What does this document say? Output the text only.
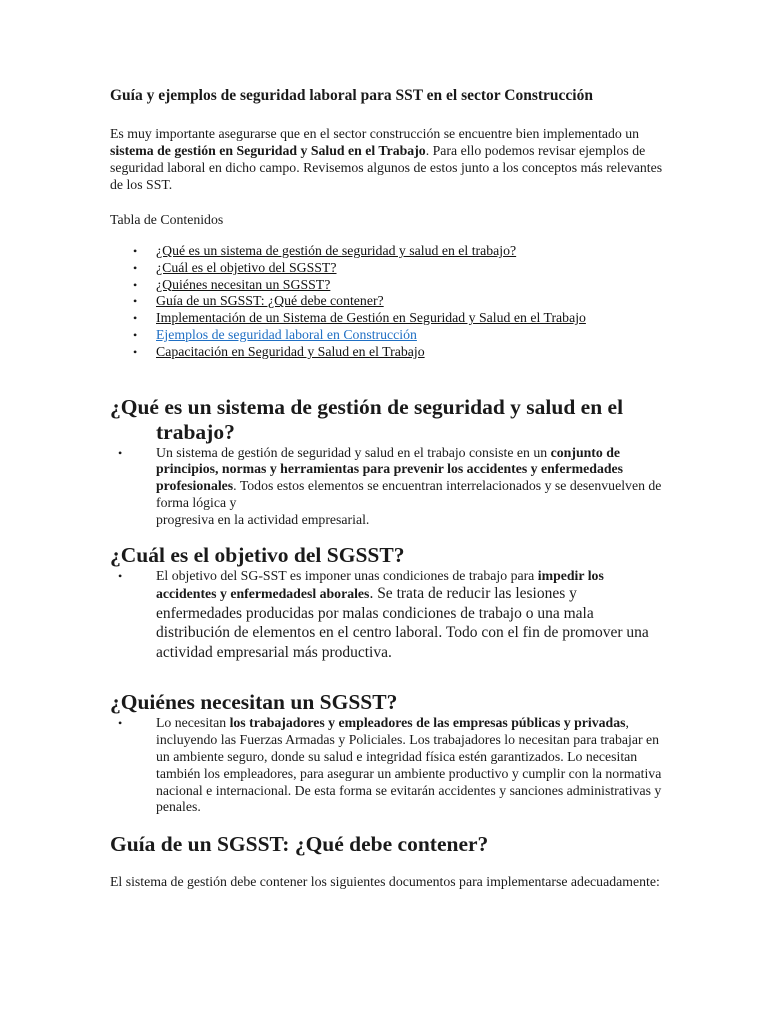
Guía y ejemplos de seguridad laboral para SST en el sector Construcción

Es muy importante asegurarse que en el sector construcción se encuentre bien implementado un sistema de gestión en Seguridad y Salud en el Trabajo. Para ello podemos revisar ejemplos de seguridad laboral en dicho campo. Revisemos algunos de estos junto a los conceptos más relevantes de los SST.

Tabla de Contenidos
• ¿Qué es un sistema de gestión de seguridad y salud en el trabajo?
• ¿Cuál es el objetivo del SGSST?
• ¿Quiénes necesitan un SGSST?
• Guía de un SGSST: ¿Qué debe contener?
• Implementación de un Sistema de Gestión en Seguridad y Salud en el Trabajo
• Ejemplos de seguridad laboral en Construcción
• Capacitación en Seguridad y Salud en el Trabajo
¿Qué es un sistema de gestión de seguridad y salud en el trabajo?
• Un sistema de gestión de seguridad y salud en el trabajo consiste en un conjunto de principios, normas y herramientas para prevenir los accidentes y enfermedades profesionales. Todos estos elementos se encuentran interrelacionados y se desenvuelven de forma lógica y
progresiva en la actividad empresarial.
¿Cuál es el objetivo del SGSST?
• El objetivo del SG-SST es imponer unas condiciones de trabajo para impedir los accidentes y enfermedadesl aborales. Se trata de reducir las lesiones y enfermedades producidas por malas condiciones de trabajo o una mala distribución de elementos en el centro laboral. Todo con el fin de promover una actividad empresarial más productiva.
¿Quiénes necesitan un SGSST?
• Lo necesitan los trabajadores y empleadores de las empresas públicas y privadas, incluyendo las Fuerzas Armadas y Policiales. Los trabajadores lo necesitan para trabajar en un ambiente seguro, donde su salud e integridad física estén garantizados. Lo necesitan también los empleadores, para asegurar un ambiente productivo y cumplir con la normativa nacional e internacional. De esta forma se evitarán accidentes y sanciones administrativas y penales.
Guía de un SGSST: ¿Qué debe contener?

El sistema de gestión debe contener los siguientes documentos para implementarse adecuadamente:
